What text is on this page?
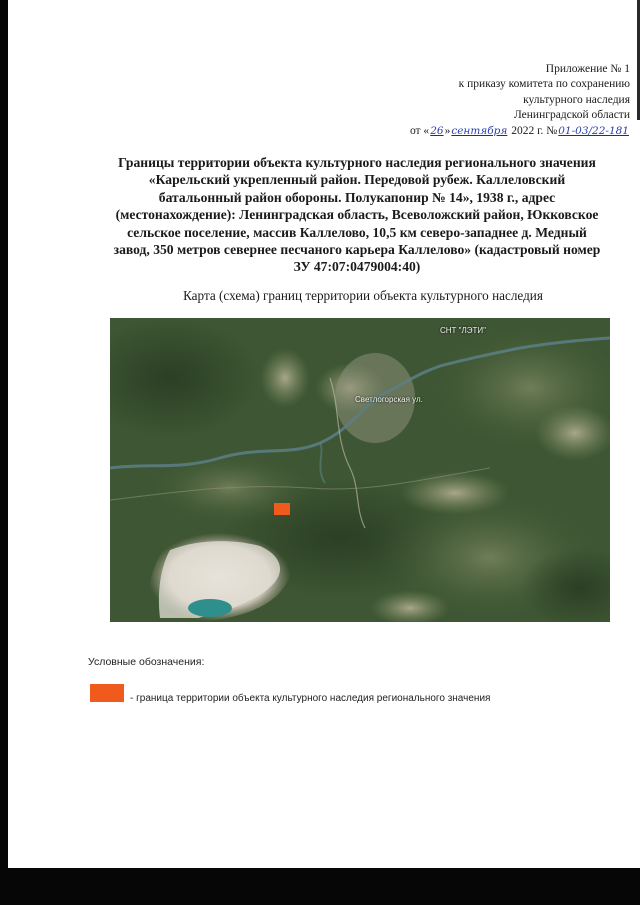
Приложение № 1
к приказу комитета по сохранению
культурного наследия
Ленинградской области
от «26»сентября 2022 г. №01-03/22-181
Границы территории объекта культурного наследия регионального значения
«Карельский укрепленный район. Передовой рубеж. Каллеловский
батальонный район обороны. Полукапонир № 14», 1938 г., адрес
(местонахождение): Ленинградская область, Всеволожский район, Юкковское
сельское поселение, массив Каллелово, 10,5 км северо-западнее д. Медный
завод, 350 метров севернее песчаного карьера Каллелово» (кадастровый номер
ЗУ 47:07:0479004:40)
Карта (схема) границ территории объекта культурного наследия
СНТ "ЛЭТИ"
Светлогорская ул.
Условные обозначения:
- граница территории объекта культурного наследия регионального значения
